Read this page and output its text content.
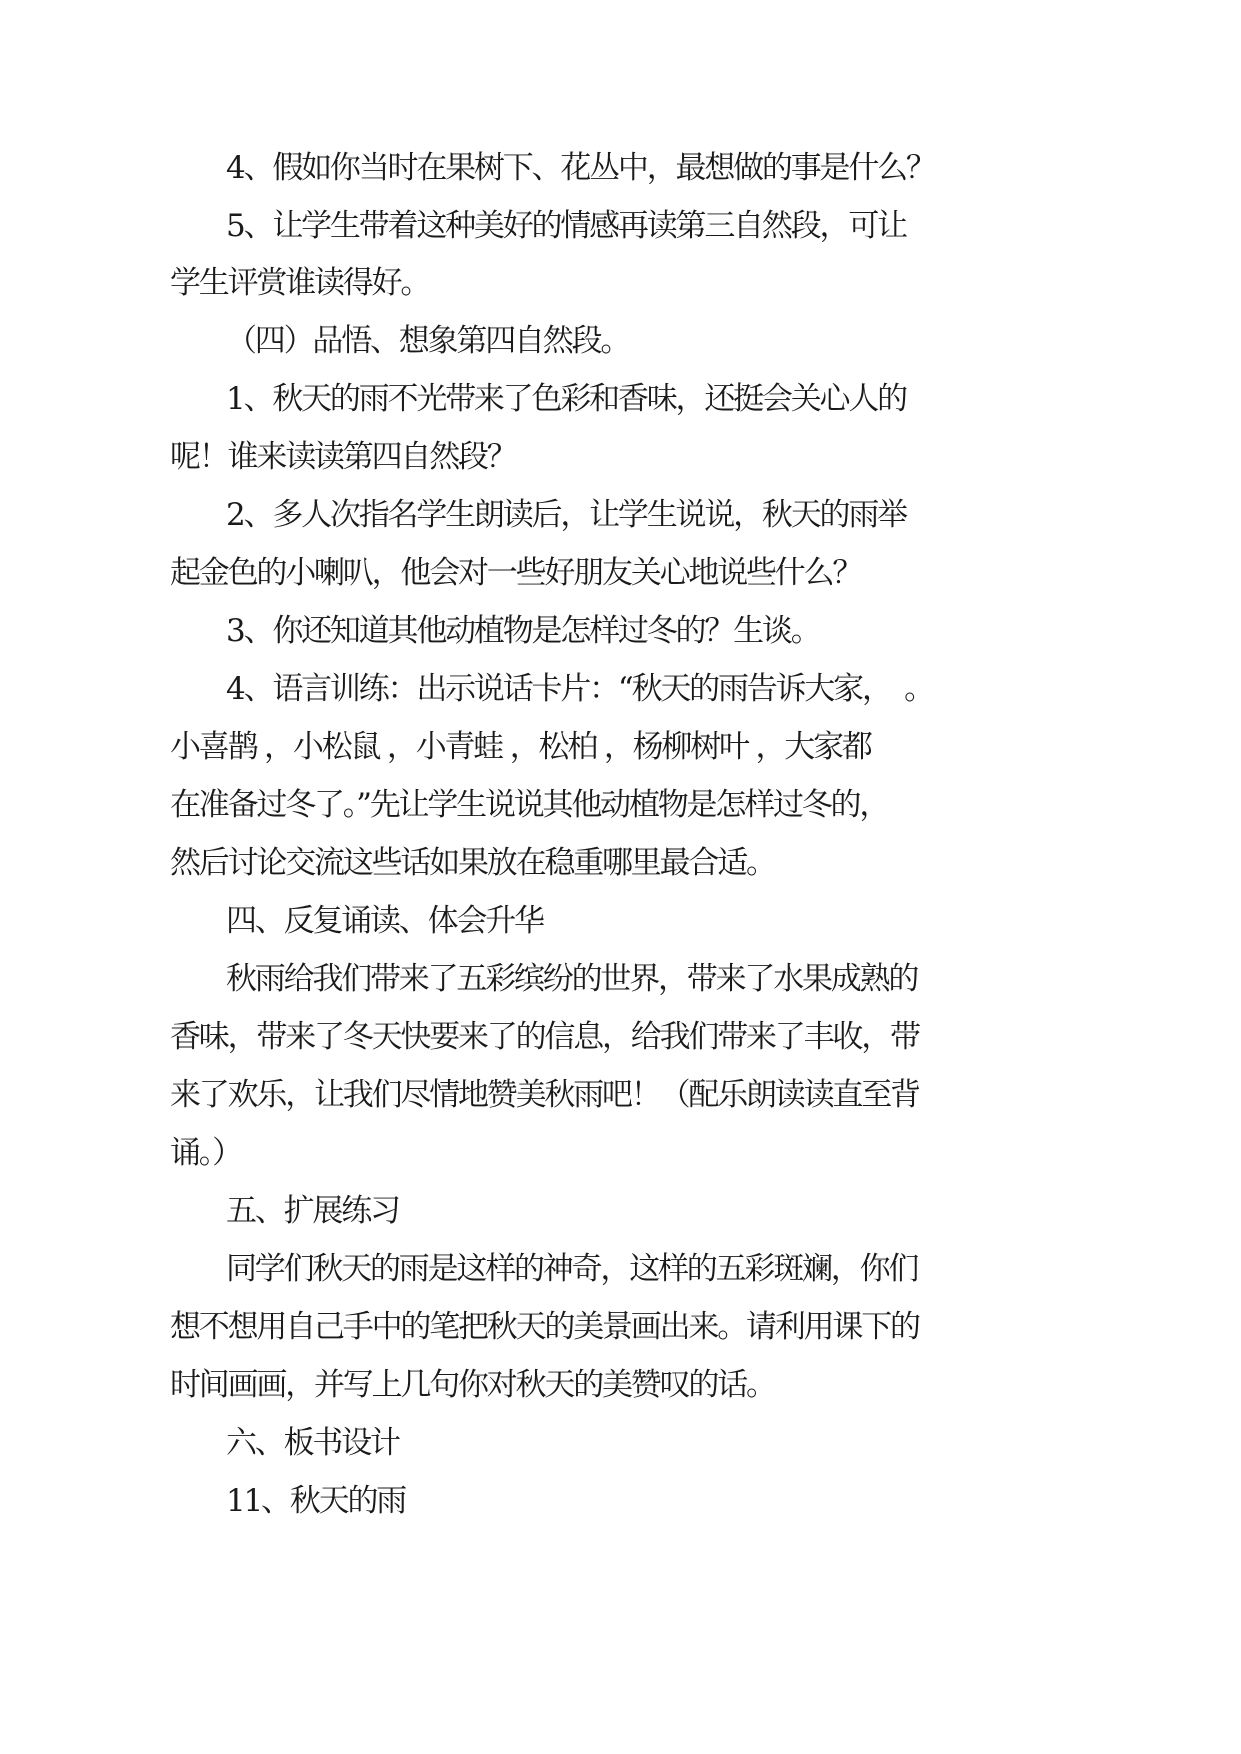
4、假如你当时在果树下、花丛中，最想做的事是什么？

5、让学生带着这种美好的情感再读第三自然段，可让

学生评赏谁读得好。

（四）品悟、想象第四自然段。

1、秋天的雨不光带来了色彩和香味，还挺会关心人的

呢！谁来读读第四自然段？

2、多人次指名学生朗读后，让学生说说，秋天的雨举

起金色的小喇叭，他会对一些好朋友关心地说些什么？

3、你还知道其他动植物是怎样过冬的？生谈。

4、语言训练：出示说话卡片：“秋天的雨告诉大家，　。

小喜鹊 ，小松鼠 ，小青蛙 ，松柏 ，杨柳树叶 ，大家都

在准备过冬了。”先让学生说说其他动植物是怎样过冬的，

然后讨论交流这些话如果放在稳重哪里最合适。

四、反复诵读、体会升华

秋雨给我们带来了五彩缤纷的世界，带来了水果成熟的

香味，带来了冬天快要来了的信息，给我们带来了丰收，带

来了欢乐，让我们尽情地赞美秋雨吧！（配乐朗读读直至背

诵。）

五、扩展练习

同学们秋天的雨是这样的神奇，这样的五彩斑斓，你们

想不想用自己手中的笔把秋天的美景画出来。请利用课下的

时间画画，并写上几句你对秋天的美赞叹的话。

六、板书设计

11、秋天的雨
